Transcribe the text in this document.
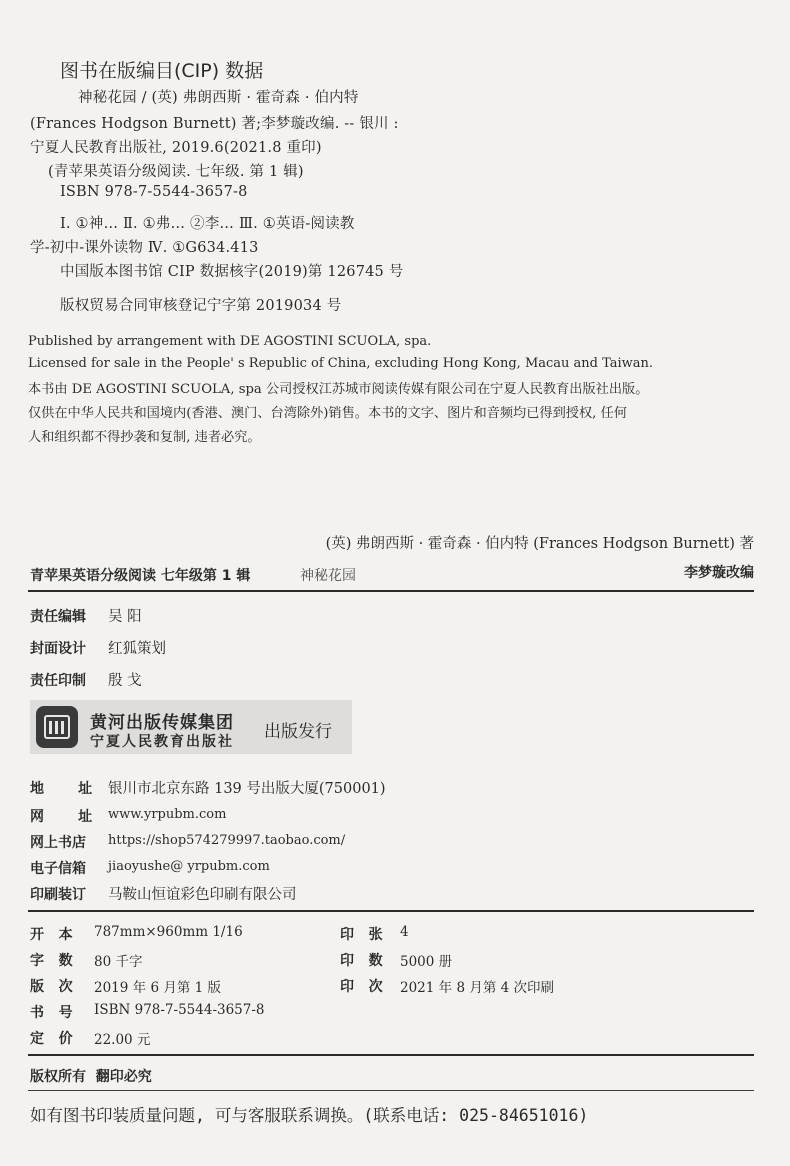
图书在版编目(CIP) 数据
神秘花园 / (英) 弗朗西斯 · 霍奇森 · 伯内特
(Frances Hodgson Burnett) 著;李梦璇改编. -- 银川 :
宁夏人民教育出版社, 2019.6(2021.8 重印)
(青苹果英语分级阅读. 七年级. 第 1 辑)
ISBN 978-7-5544-3657-8
Ⅰ. ①神… Ⅱ. ①弗… ②李… Ⅲ. ①英语-阅读教
学-初中-课外读物 Ⅳ. ①G634.413
中国版本图书馆 CIP 数据核字(2019)第 126745 号
版权贸易合同审核登记宁字第 2019034 号
Published by arrangement with DE AGOSTINI SCUOLA, spa.
Licensed for sale in the People' s Republic of China, excluding Hong Kong, Macau and Taiwan.
本书由 DE AGOSTINI SCUOLA, spa 公司授权江苏城市阅读传媒有限公司在宁夏人民教育出版社出版。
仅供在中华人民共和国境内(香港、澳门、台湾除外)销售。本书的文字、图片和音频均已得到授权, 任何
人和组织都不得抄袭和复制, 违者必究。
(英) 弗朗西斯 · 霍奇森 · 伯内特 (Frances Hodgson Burnett) 著
青苹果英语分级阅读 七年级第 1 辑	神秘花园	李梦璇改编
责任编辑 吴 阳
封面设计 红狐策划
责任印制 殷 戈
黄河出版传媒集团
宁夏人民教育出版社 出版发行
地       址 银川市北京东路 139 号出版大厦(750001)
网       址 www.yrpubm.com
网上书店 https://shop574279997.taobao.com/
电子信箱 jiaoyushe@ yrpubm.com
印刷装订 马鞍山恒谊彩色印刷有限公司
开   本 787mm×960mm 1/16
字   数 80 千字
版   次 2019 年 6 月第 1 版
书   号 ISBN 978-7-5544-3657-8
定   价 22.00 元
印   张 4
印   数 5000 册
印   次 2021 年 8 月第 4 次印刷
版权所有  翻印必究
如有图书印装质量问题, 可与客服联系调换。(联系电话: 025-84651016)
